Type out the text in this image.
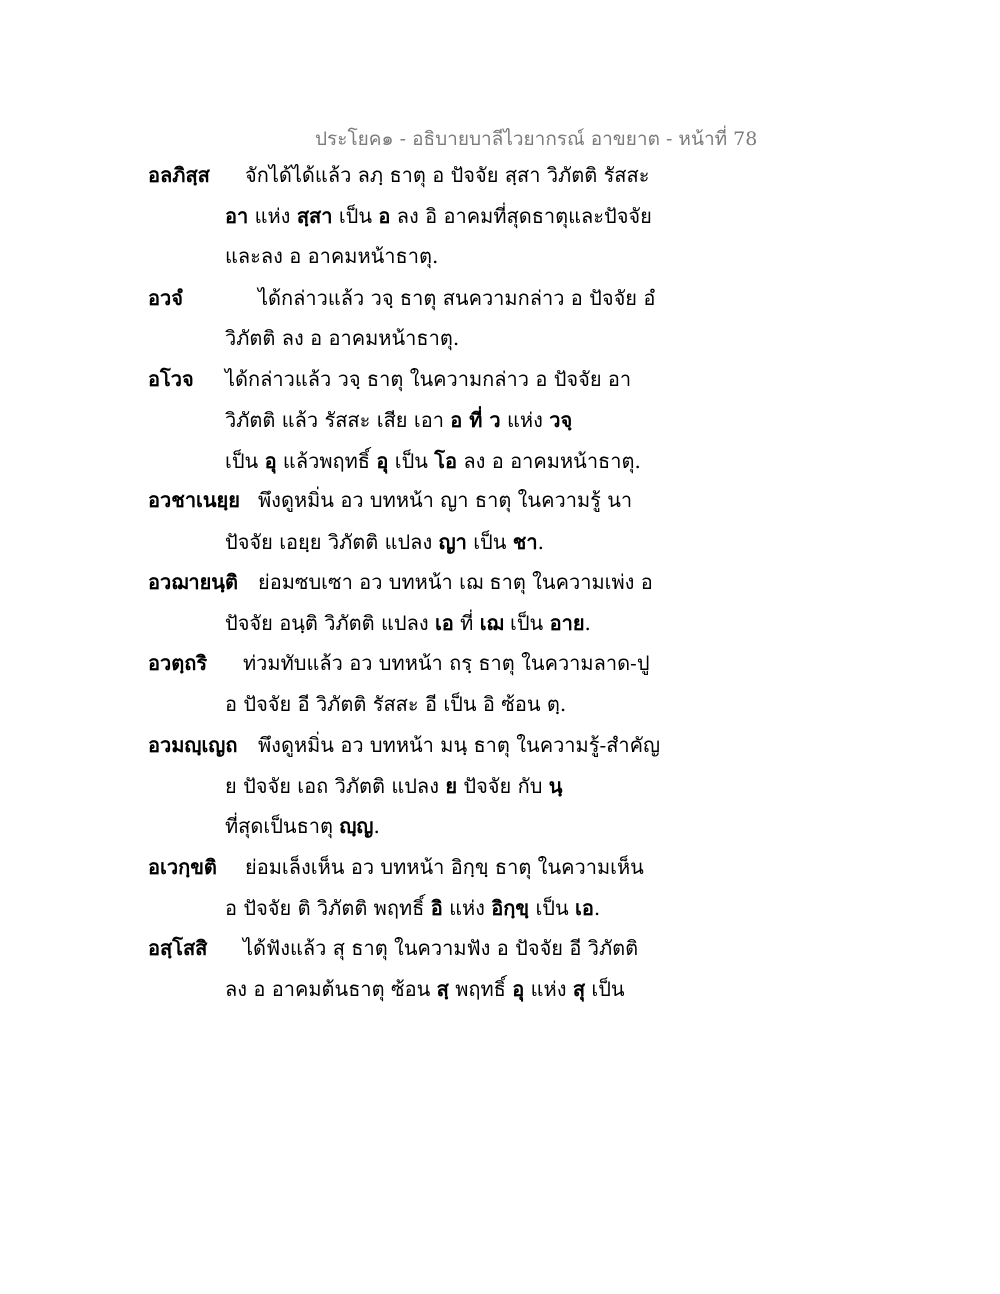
ประโยค๑ - อธิบายบาลีไวยากรณ์ อาขยาต - หน้าที่ 78
อลภิสฺส จักได้ได้แล้ว ลภฺ ธาตุ อ ปัจจัย สฺสา วิภัตติ รัสสะ
อา แห่ง สฺสา เป็น อ ลง อิ อาคมที่สุดธาตุและปัจจัย
และลง อ อาคมหน้าธาตุ.
อวจํ	ได้กล่าวแล้ว วจฺ ธาตุ สนความกล่าว อ ปัจจัย อํ
วิภัตติ ลง อ อาคมหน้าธาตุ.
อโวจ ได้กล่าวแล้ว วจฺ ธาตุ ในความกล่าว อ ปัจจัย อา
วิภัตติ แล้ว รัสสะ เสีย เอา อ ที่ ว แห่ง วจฺ
เป็น อุ แล้วพฤทธิ์ อุ เป็น โอ ลง อ อาคมหน้าธาตุ.
อวชาเนยฺย พึงดูหมิ่น อว บทหน้า ญา ธาตุ ในความรู้ นา
ปัจจัย เอยฺย วิภัตติ แปลง ญา เป็น ชา.
อวฌายนฺติ ย่อมซบเซา อว บทหน้า เฌ ธาตุ ในความเพ่ง อ
ปัจจัย อนฺติ วิภัตติ แปลง เอ ที่ เฌ เป็น อาย.
อวตฺถริ ท่วมทับแล้ว อว บทหน้า ถรฺ ธาตุ ในความลาด-ปู
อ ปัจจัย อี วิภัตติ รัสสะ อี เป็น อิ ซ้อน ตฺ.
อวมญฺเญถ พึงดูหมิ่น อว บทหน้า มนฺ ธาตุ ในความรู้-สำคัญ
ย ปัจจัย เอถ วิภัตติ แปลง ย ปัจจัย กับ นฺ
ที่สุดเป็นธาตุ ญฺญ.
อเวกฺขติ ย่อมเล็งเห็น อว บทหน้า อิกฺขฺ ธาตุ ในความเห็น
อ ปัจจัย ติ วิภัตติ พฤทธิ์ อิ แห่ง อิกฺขฺ เป็น เอ.
อสฺโสสิ ได้ฟังแล้ว สุ ธาตุ ในความฟัง อ ปัจจัย อี วิภัตติ
ลง อ อาคมต้นธาตุ ซ้อน สฺ พฤทธิ์ อุ แห่ง สุ เป็น
